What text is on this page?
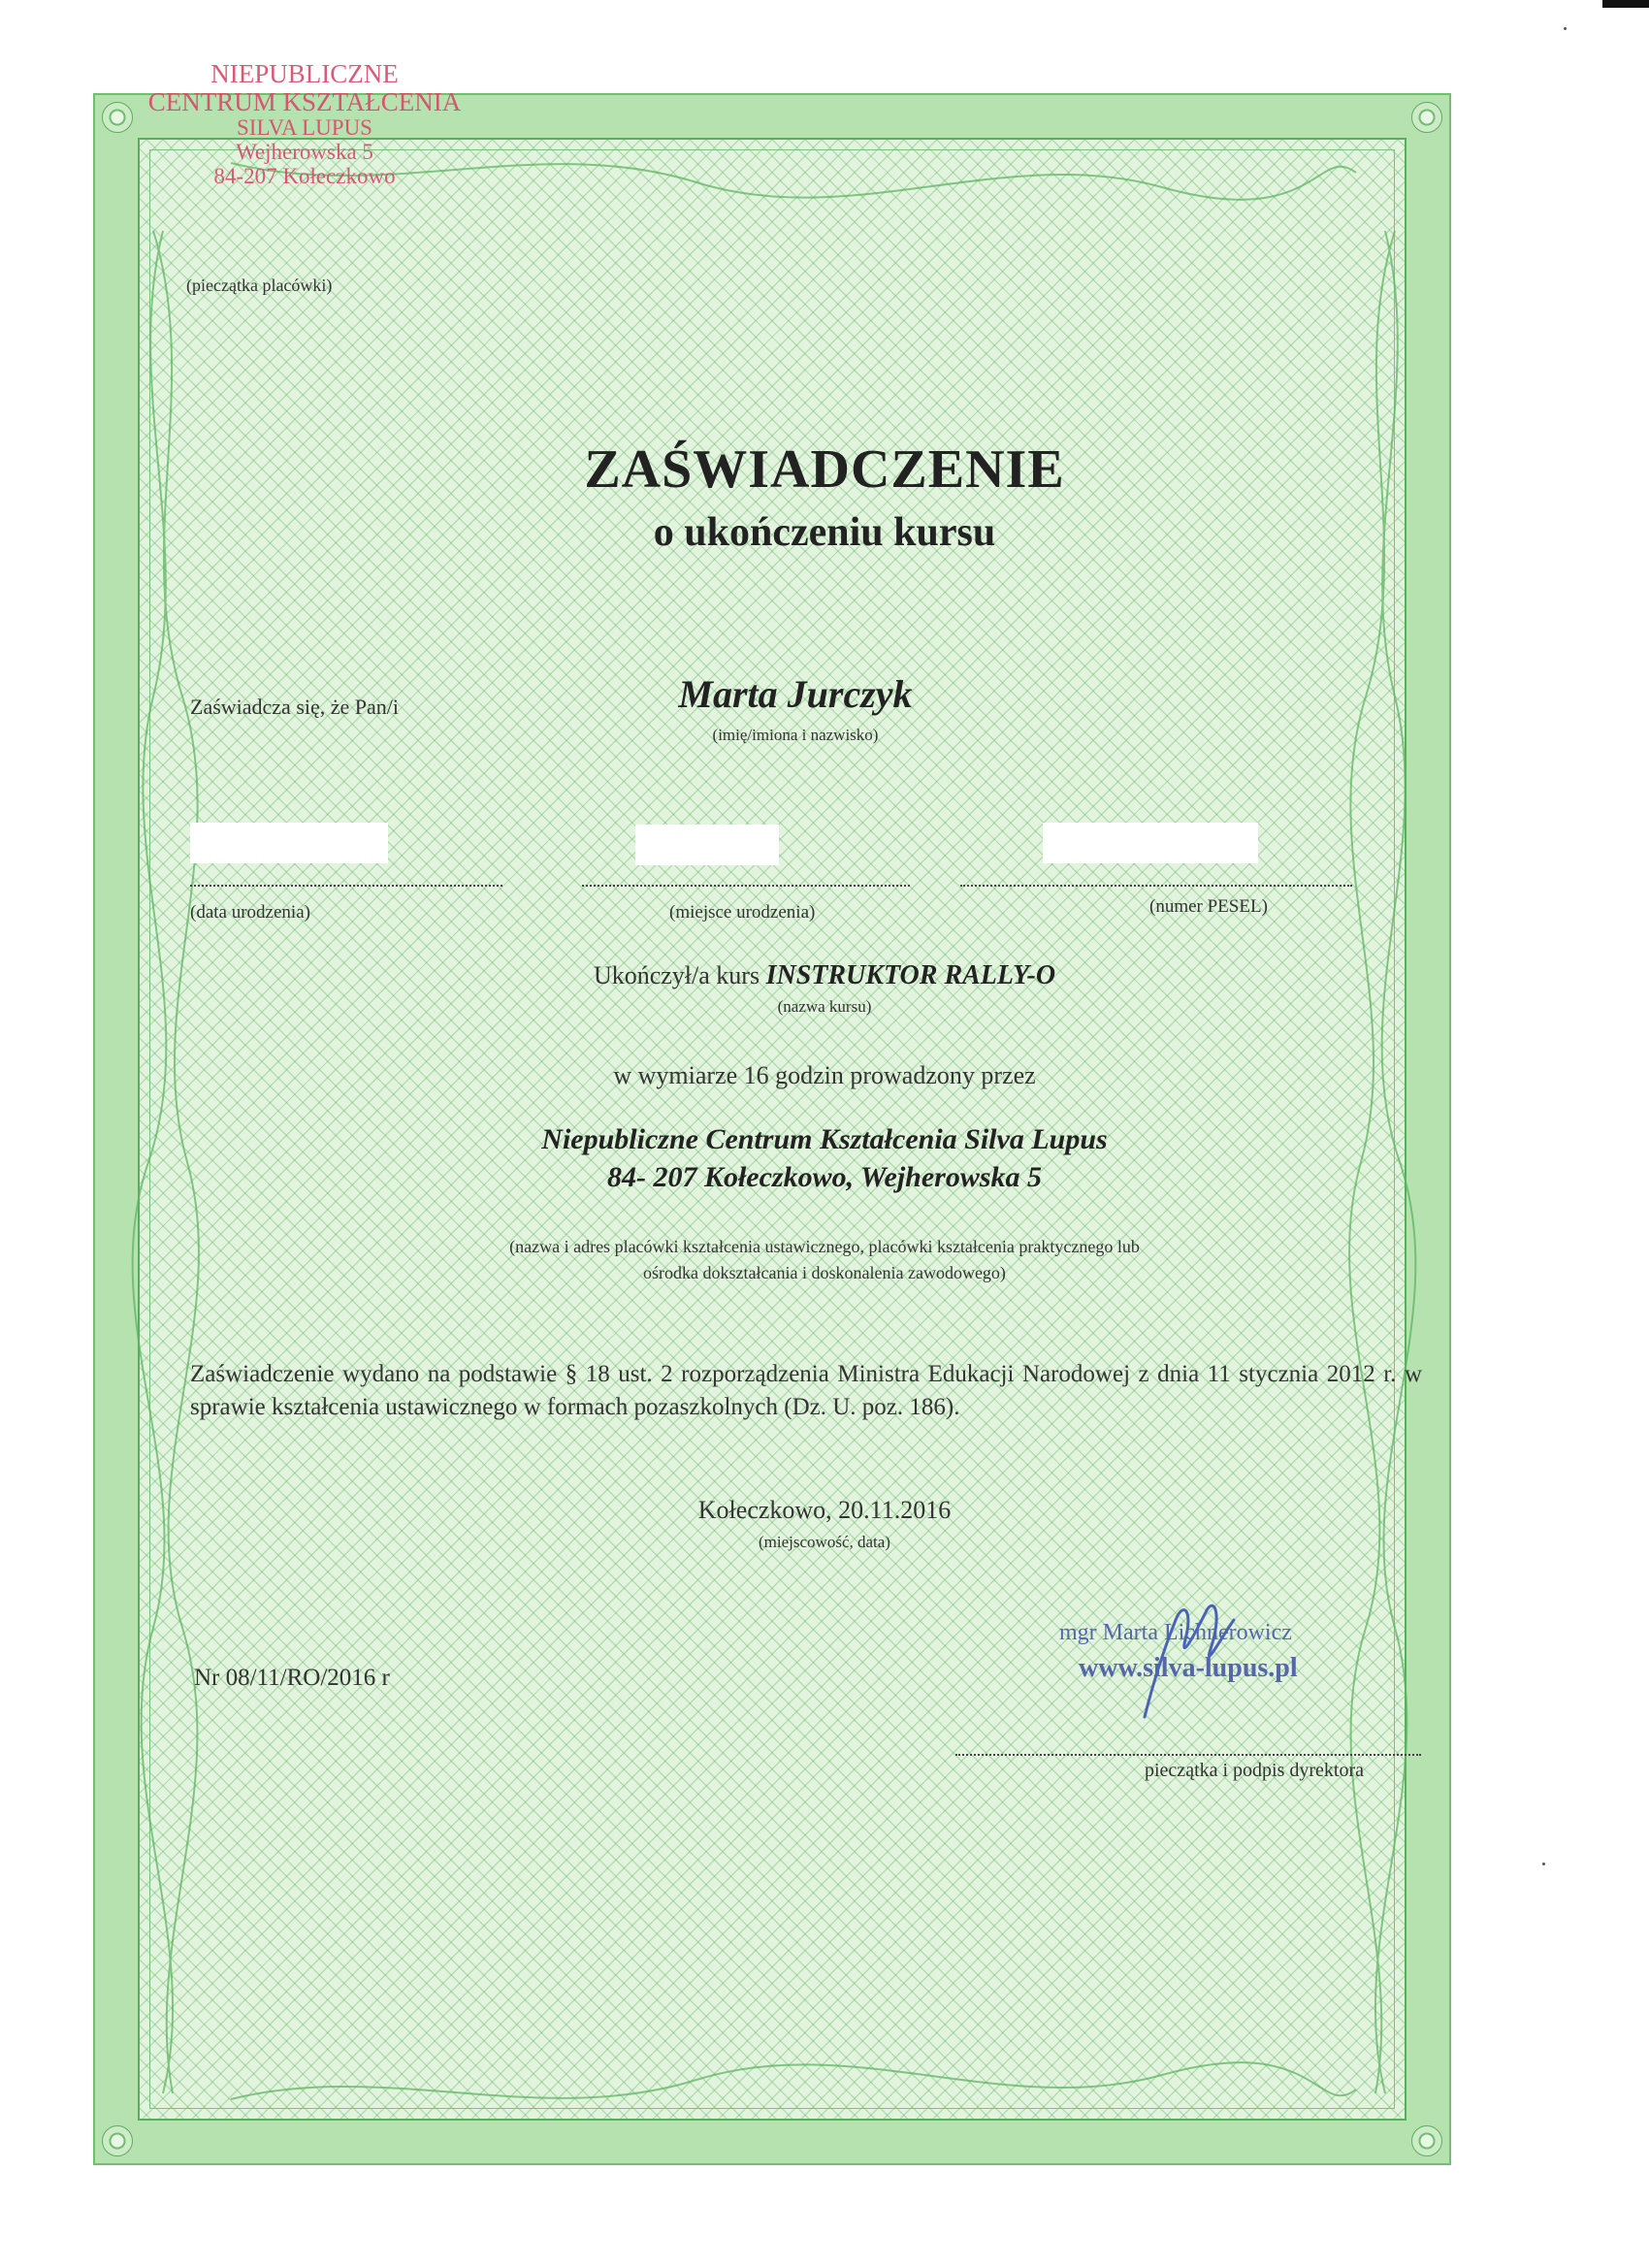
NIEPUBLICZNE
CENTRUM KSZTAŁCENIA
SILVA LUPUS
Wejherowska 5
84-207 Kołeczkowo
(pieczątka placówki)
ZAŚWIADCZENIE
o ukończeniu kursu
Zaświadcza się, że Pan/i	Marta Jurczyk
(imię/imiona i nazwisko)
(data urodzenia)	(miejsce urodzenia)	(numer PESEL)
Ukończył/a kurs INSTRUKTOR RALLY-O
(nazwa kursu)
w wymiarze 16 godzin prowadzony przez
Niepubliczne Centrum Kształcenia Silva Lupus
84- 207 Kołeczkowo, Wejherowska 5
(nazwa i adres placówki kształcenia ustawicznego, placówki kształcenia praktycznego lub
ośrodka dokształcania i doskonalenia zawodowego)
Zaświadczenie wydano na podstawie § 18 ust. 2 rozporządzenia Ministra Edukacji Narodowej z dnia 11 stycznia 2012 r. w sprawie kształcenia ustawicznego w formach pozaszkolnych (Dz. U. poz. 186).
Kołeczkowo, 20.11.2016
(miejscowość, data)
Nr 08/11/RO/2016 r
mgr Marta Lichnerowicz
www.silva-lupus.pl
pieczątka i podpis dyrektora
